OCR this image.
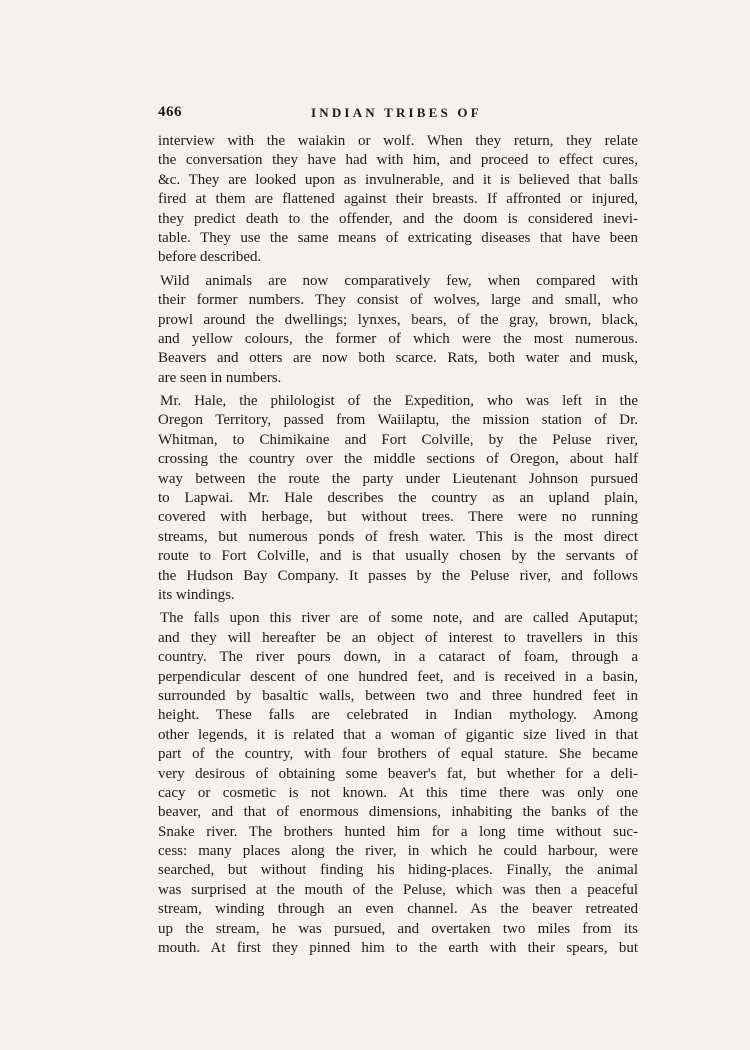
466	INDIAN TRIBES OF
interview with the waiakin or wolf. When they return, they relate
the conversation they have had with him, and proceed to effect cures,
&c. They are looked upon as invulnerable, and it is believed that balls
fired at them are flattened against their breasts. If affronted or injured,
they predict death to the offender, and the doom is considered inevi-
table. They use the same means of extricating diseases that have been
before described.
Wild animals are now comparatively few, when compared with
their former numbers. They consist of wolves, large and small, who
prowl around the dwellings; lynxes, bears, of the gray, brown, black,
and yellow colours, the former of which were the most numerous.
Beavers and otters are now both scarce. Rats, both water and musk,
are seen in numbers.
Mr. Hale, the philologist of the Expedition, who was left in the
Oregon Territory, passed from Waiilaptu, the mission station of Dr.
Whitman, to Chimikaine and Fort Colville, by the Peluse river,
crossing the country over the middle sections of Oregon, about half
way between the route the party under Lieutenant Johnson pursued
to Lapwai. Mr. Hale describes the country as an upland plain,
covered with herbage, but without trees. There were no running
streams, but numerous ponds of fresh water. This is the most direct
route to Fort Colville, and is that usually chosen by the servants of
the Hudson Bay Company. It passes by the Peluse river, and follows
its windings.
The falls upon this river are of some note, and are called Aputaput;
and they will hereafter be an object of interest to travellers in this
country. The river pours down, in a cataract of foam, through a
perpendicular descent of one hundred feet, and is received in a basin,
surrounded by basaltic walls, between two and three hundred feet in
height. These falls are celebrated in Indian mythology. Among
other legends, it is related that a woman of gigantic size lived in that
part of the country, with four brothers of equal stature. She became
very desirous of obtaining some beaver's fat, but whether for a deli-
cacy or cosmetic is not known. At this time there was only one
beaver, and that of enormous dimensions, inhabiting the banks of the
Snake river. The brothers hunted him for a long time without suc-
cess: many places along the river, in which he could harbour, were
searched, but without finding his hiding-places. Finally, the animal
was surprised at the mouth of the Peluse, which was then a peaceful
stream, winding through an even channel. As the beaver retreated
up the stream, he was pursued, and overtaken two miles from its
mouth. At first they pinned him to the earth with their spears, but
